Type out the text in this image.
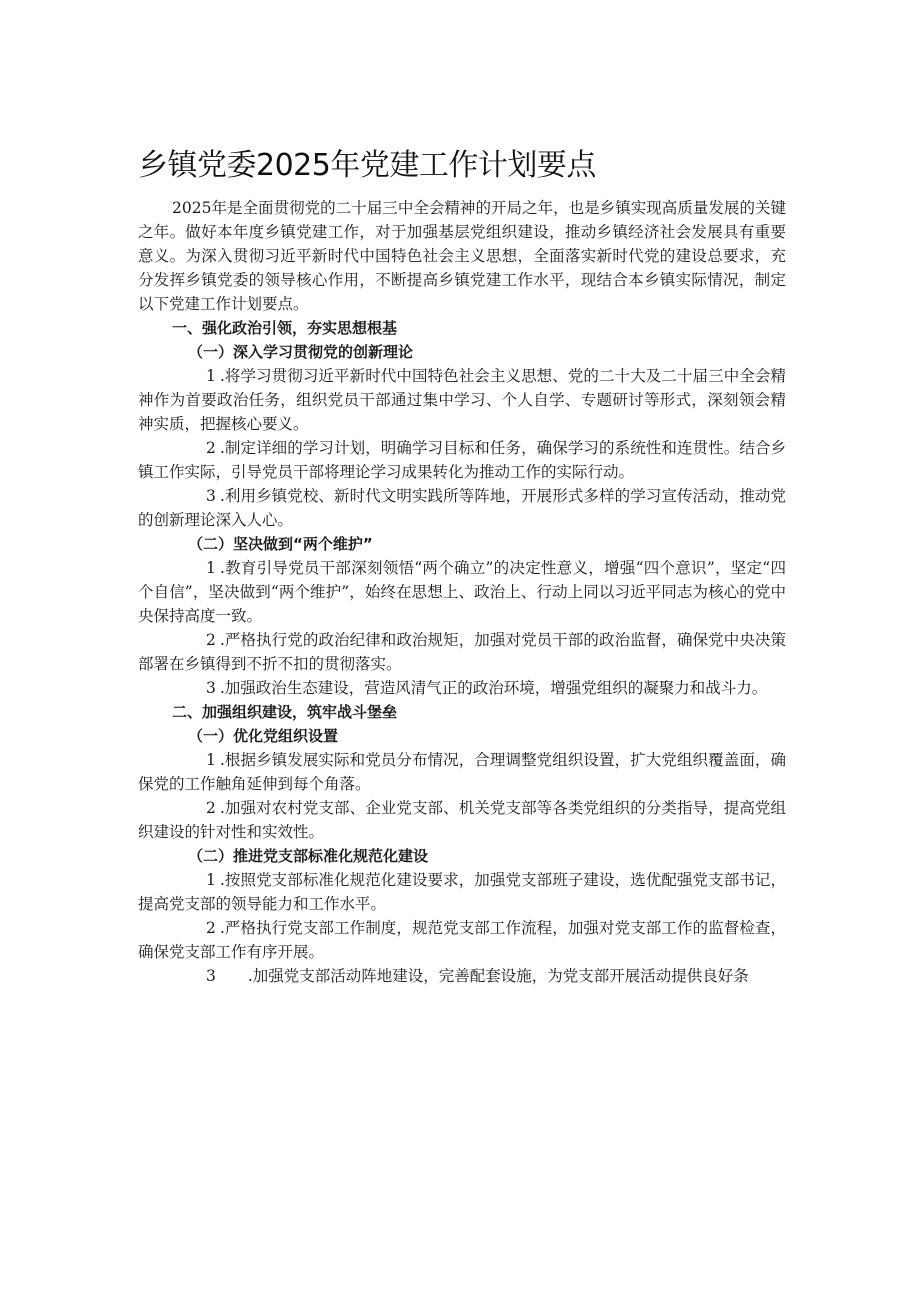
乡镇党委2025年党建工作计划要点

2025年是全面贯彻党的二十届三中全会精神的开局之年，也是乡镇实现高质量发展的关键之年。做好本年度乡镇党建工作，对于加强基层党组织建设，推动乡镇经济社会发展具有重要意义。为深入贯彻习近平新时代中国特色社会主义思想，全面落实新时代党的建设总要求，充分发挥乡镇党委的领导核心作用，不断提高乡镇党建工作水平，现结合本乡镇实际情况，制定以下党建工作计划要点。

一、强化政治引领，夯实思想根基

（一）深入学习贯彻党的创新理论

1 .将学习贯彻习近平新时代中国特色社会主义思想、党的二十大及二十届三中全会精神作为首要政治任务，组织党员干部通过集中学习、个人自学、专题研讨等形式，深刻领会精神实质，把握核心要义。

2 .制定详细的学习计划，明确学习目标和任务，确保学习的系统性和连贯性。结合乡镇工作实际，引导党员干部将理论学习成果转化为推动工作的实际行动。

3 .利用乡镇党校、新时代文明实践所等阵地，开展形式多样的学习宣传活动，推动党的创新理论深入人心。

（二）坚决做到“两个维护”

1 .教育引导党员干部深刻领悟“两个确立”的决定性意义，增强“四个意识”，坚定“四个自信”，坚决做到“两个维护”，始终在思想上、政治上、行动上同以习近平同志为核心的党中央保持高度一致。

2 .严格执行党的政治纪律和政治规矩，加强对党员干部的政治监督，确保党中央决策部署在乡镇得到不折不扣的贯彻落实。

3 .加强政治生态建设，营造风清气正的政治环境，增强党组织的凝聚力和战斗力。

二、加强组织建设，筑牢战斗堡垒

（一）优化党组织设置

1 .根据乡镇发展实际和党员分布情况，合理调整党组织设置，扩大党组织覆盖面，确保党的工作触角延伸到每个角落。

2 .加强对农村党支部、企业党支部、机关党支部等各类党组织的分类指导，提高党组织建设的针对性和实效性。

（二）推进党支部标准化规范化建设

1 .按照党支部标准化规范化建设要求，加强党支部班子建设，选优配强党支部书记，提高党支部的领导能力和工作水平。

2 .严格执行党支部工作制度，规范党支部工作流程，加强对党支部工作的监督检查，确保党支部工作有序开展。

3 .加强党支部活动阵地建设，完善配套设施，为党支部开展活动提供良好条
